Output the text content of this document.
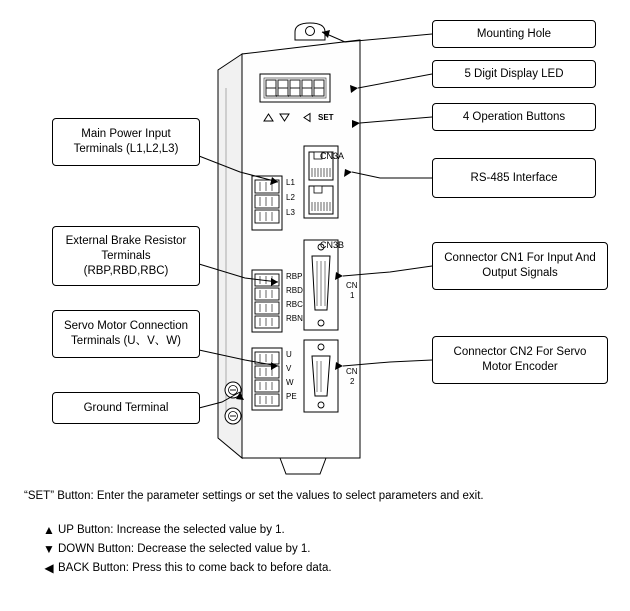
SET
CN3A
CN3B
L1
L2
L3
RBP
RBD
RBC
RBN
U
V
W
PE
CN
1
CN
2
Mounting Hole
5 Digit Display LED
4 Operation Buttons
RS-485 Interface
Connector CN1 For Input And Output Signals
Connector CN2 For Servo Motor Encoder
Main Power Input Terminals (L1,L2,L3)
External Brake Resistor Terminals (RBP,RBD,RBC)
Servo Motor Connection Terminals (U、V、W)
Ground Terminal
“SET” Button: Enter the parameter settings or set the values to select parameters and exit.
▲ UP Button: Increase the selected value by 1.
▼ DOWN Button: Decrease the selected value by 1.
◀ BACK Button: Press this to come back to before data.
